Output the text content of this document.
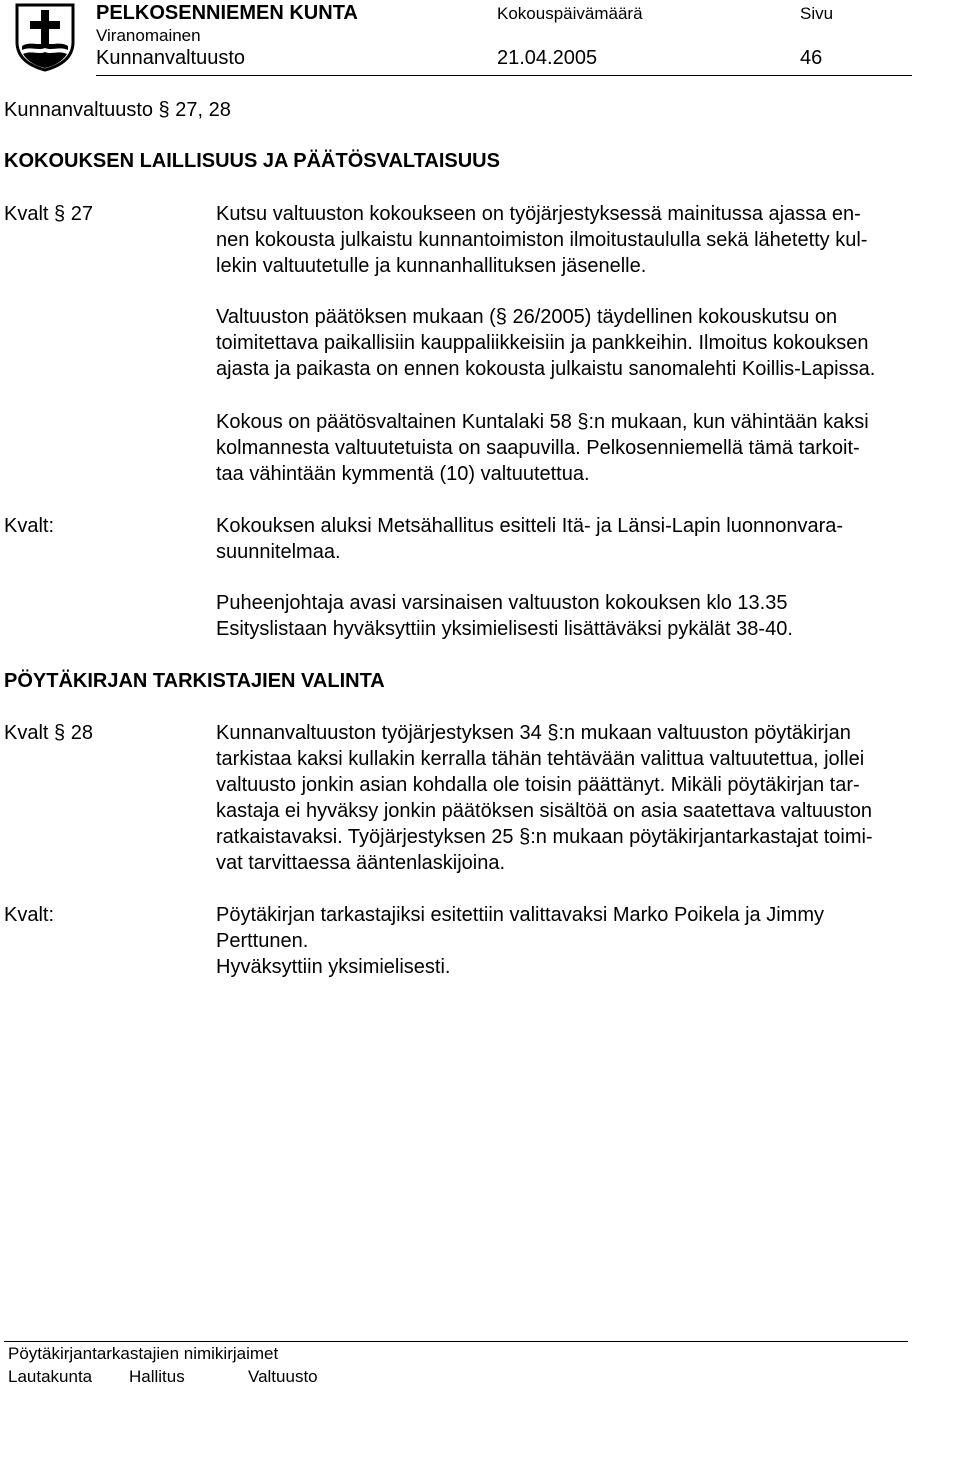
PELKOSENNIEMEN KUNTA
Viranomainen
Kunnanvaltuusto
Kokouspäivämäärä
21.04.2005
Sivu
46
Kunnanvaltuusto § 27, 28
KOKOUKSEN LAILLISUUS JA PÄÄTÖSVALTAISUUS
Kvalt § 27	Kutsu valtuuston kokoukseen on työjärjestyksessä mainitussa ajassa en-
nen kokousta julkaistu kunnantoimiston ilmoitustaululla sekä lähetetty kul-
lekin valtuutetulle ja kunnanhallituksen jäsenelle.
Valtuuston päätöksen mukaan (§ 26/2005) täydellinen kokouskutsu on
toimitettava paikallisiin kauppaliikkeisiin ja pankkeihin. Ilmoitus kokouksen
ajasta ja paikasta on ennen kokousta julkaistu sanomalehti Koillis-Lapissa.
Kokous on päätösvaltainen Kuntalaki 58 §:n mukaan, kun vähintään kaksi
kolmannesta valtuutetuista on saapuvilla. Pelkosenniemellä tämä tarkoit-
taa vähintään kymmentä (10) valtuutettua.
Kvalt:	Kokouksen aluksi Metsähallitus esitteli Itä- ja Länsi-Lapin luonnonvara-
suunnitelmaa.
Puheenjohtaja avasi varsinaisen valtuuston kokouksen klo 13.35
Esityslistaan hyväksyttiin yksimielisesti lisättäväksi pykälät 38-40.
PÖYTÄKIRJAN TARKISTAJIEN VALINTA
Kvalt § 28	Kunnanvaltuuston työjärjestyksen 34 §:n mukaan valtuuston pöytäkirjan
tarkistaa kaksi kullakin kerralla tähän tehtävään valittua valtuutettua, jollei
valtuusto jonkin asian kohdalla ole toisin päättänyt. Mikäli pöytäkirjan tar-
kastaja ei hyväksy jonkin päätöksen sisältöä on asia saatettava valtuuston
ratkaistavaksi. Työjärjestyksen 25 §:n mukaan pöytäkirjantarkastajat toimi-
vat tarvittaessa ääntenlaskijoina.
Kvalt:	Pöytäkirjan tarkastajiksi esitettiin valittavaksi Marko Poikela ja Jimmy
Perttunen.
Hyväksyttiin yksimielisesti.
Pöytäkirjantarkastajien nimikirjaimet
Lautakunta Hallitus	Valtuusto
